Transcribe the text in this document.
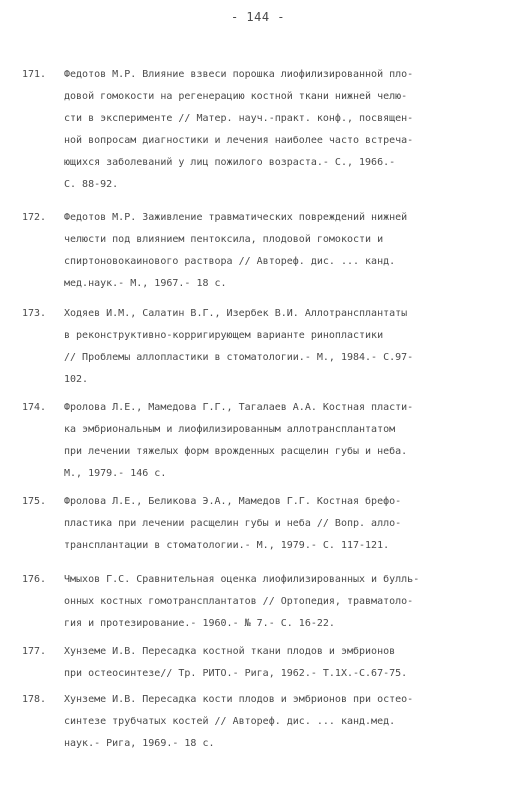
- 144 -
171.	Федотов М.Р. Влияние взвеси порошка лиофилизированной пло-
довой гомокости на регенерацию костной ткани нижней челю-
сти в эксперименте // Матер. науч.-практ. конф., посвящен-
ной вопросам диагностики и лечения наиболее часто встреча-
ющихся заболеваний у лиц пожилого возраста.- С., 1966.-
С. 88-92.
172.	Федотов М.Р. Заживление травматических повреждений нижней
челюсти под влиянием пентоксила, плодовой гомокости и
спиртоновокаинового раствора // Автореф. дис. ... канд.
мед.наук.- М., 1967.- 18 с.
173.	Ходяев И.М., Салатин В.Г., Изербек В.И. Аллотрансплантаты
в реконструктивно-корригирующем варианте ринопластики
// Проблемы аллопластики в стоматологии.- М., 1984.- С.97-
102.
174.	Фролова Л.Е., Мамедова Г.Г., Тагалаев А.А. Костная пласти-
ка эмбриональным и лиофилизированным аллотрансплантатом
при лечении тяжелых форм врожденных расщелин губы и неба.
М., 1979.- 146 с.
175.	Фролова Л.Е., Беликова Э.А., Мамедов Г.Г. Костная брефо-
пластика при лечении расщелин губы и неба // Вопр. алло-
трансплантации в стоматологии.- М., 1979.- С. 117-121.
176.	Чмыхов Г.С. Сравнительная оценка лиофилизированных и булль-
онных костных гомотрансплантатов // Ортопедия, травматоло-
гия и протезирование.- 1960.- № 7.- С. 16-22.
177.	Хунземе И.В. Пересадка костной ткани плодов и эмбрионов
при остеосинтезе// Тр. РИТО.- Рига, 1962.- Т.1Х.-С.67-75.
178.	Хунземе И.В. Пересадка кости плодов и эмбрионов при остео-
синтезе трубчатых костей // Автореф. дис. ... канд.мед.
наук.- Рига, 1969.- 18 с.
